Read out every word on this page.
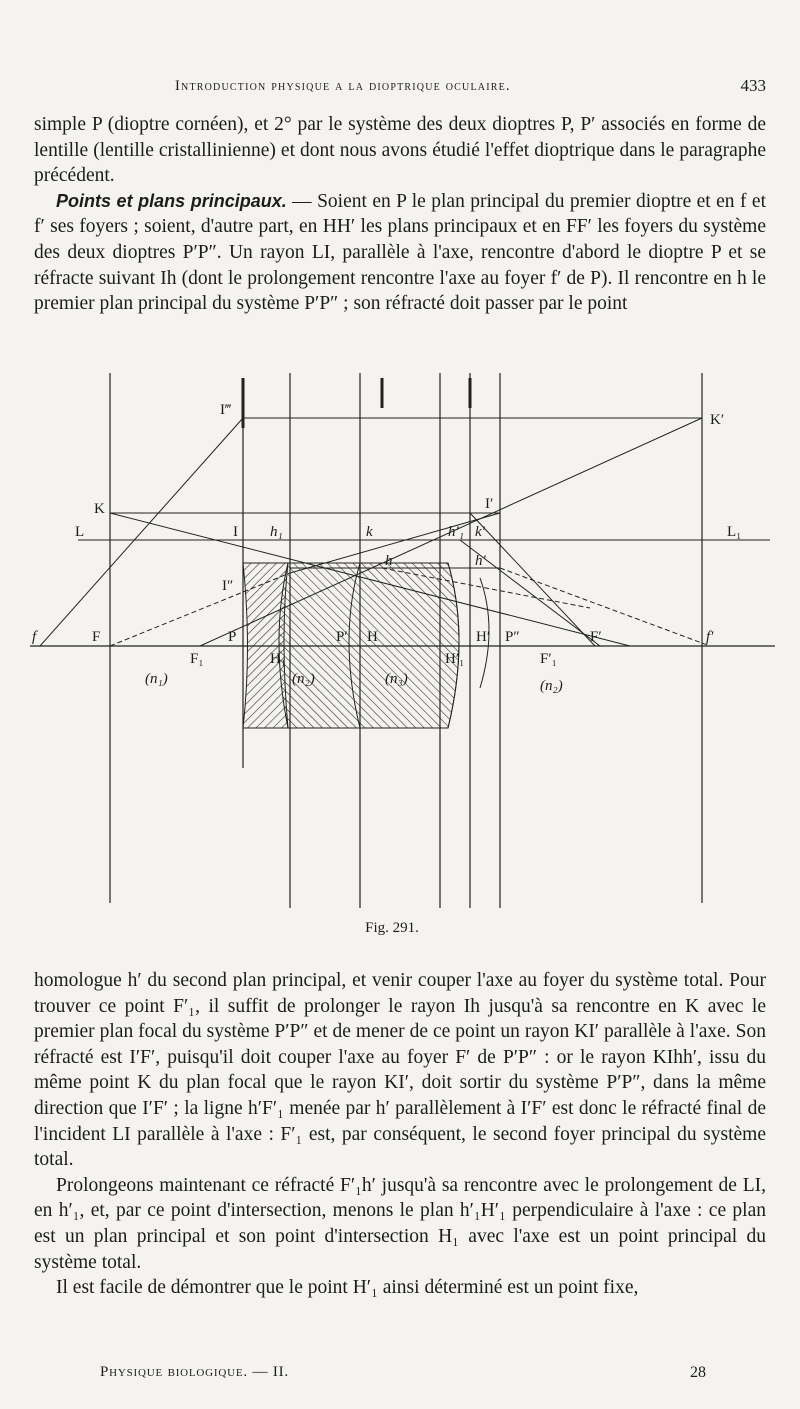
Introduction physique a la dioptrique oculaire.	433

simple P (dioptre cornéen), et 2° par le système des deux dioptres P, P′ associés en forme de lentille (lentille cristallinienne) et dont nous avons étudié l'effet dioptrique dans le paragraphe précédent.

Points et plans principaux. — Soient en P le plan principal du premier dioptre et en f et f′ ses foyers ; soient, d'autre part, en HH′ les plans principaux et en FF′ les foyers du système des deux dioptres P′P″. Un rayon LI, parallèle à l'axe, rencontre d'abord le dioptre P et se réfracte suivant Ih (dont le prolongement rencontre l'axe au foyer f′ de P). Il rencontre en h le premier plan principal du système P′P″ ; son réfracté doit passer par le point

I‴
K′
K	I′
L	I h₁	k	h′₁ k′	L₁
h	h′
I″
f	F	P	P′ H	H′ P″	F′	f′
F₁	H₁	H′₁	F′₁
(n₁)	(n₂)	(n₃)	(n₂)
Fig. 291.

homologue h′ du second plan principal, et venir couper l'axe au foyer du système total. Pour trouver ce point F′₁, il suffit de prolonger le rayon Ih jusqu'à sa rencontre en K avec le premier plan focal du système P′P″ et de mener de ce point un rayon KI′ parallèle à l'axe. Son réfracté est I′F′, puisqu'il doit couper l'axe au foyer F′ de P′P″ : or le rayon KIhh′, issu du même point K du plan focal que le rayon KI′, doit sortir du système P′P″, dans la même direction que I′F′ ; la ligne h′F′₁ menée par h′ parallèlement à I′F′ est donc le réfracté final de l'incident LI parallèle à l'axe : F′₁ est, par conséquent, le second foyer principal du système total.

Prolongeons maintenant ce réfracté F′₁h′ jusqu'à sa rencontre avec le prolongement de LI, en h′₁, et, par ce point d'intersection, menons le plan h′₁H′₁ perpendiculaire à l'axe : ce plan est un plan principal et son point d'intersection H₁ avec l'axe est un point principal du système total.

Il est facile de démontrer que le point H′₁ ainsi déterminé est un point fixe,

Physique biologique. — II.	28
